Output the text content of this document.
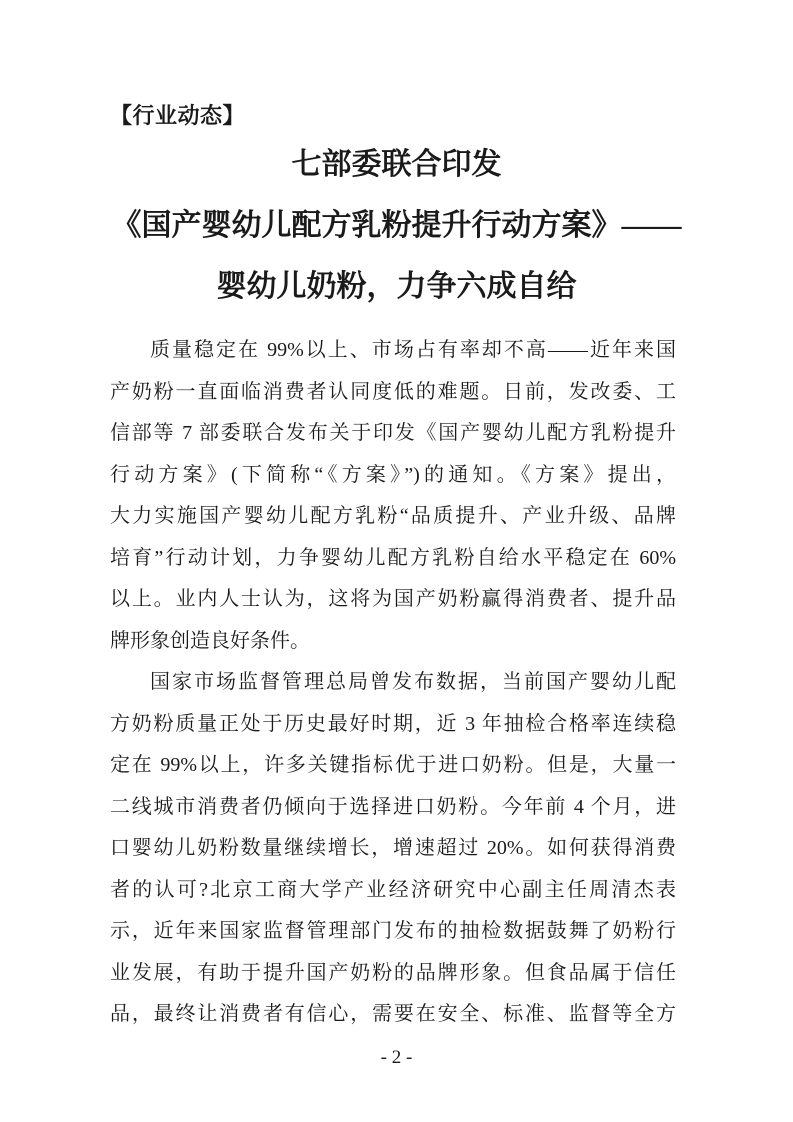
【行业动态】
七部委联合印发
《国产婴幼儿配方乳粉提升行动方案》——
婴幼儿奶粉，力争六成自给
质量稳定在 99%以上、市场占有率却不高——近年来国
产奶粉一直面临消费者认同度低的难题。日前，发改委、工
信部等 7 部委联合发布关于印发《国产婴幼儿配方乳粉提升
行动方案》(下简称“《方案》”)的通知。《方案》提出，
大力实施国产婴幼儿配方乳粉“品质提升、产业升级、品牌
培育”行动计划，力争婴幼儿配方乳粉自给水平稳定在 60%
以上。业内人士认为，这将为国产奶粉赢得消费者、提升品
牌形象创造良好条件。
国家市场监督管理总局曾发布数据，当前国产婴幼儿配
方奶粉质量正处于历史最好时期，近 3 年抽检合格率连续稳
定在 99%以上，许多关键指标优于进口奶粉。但是，大量一
二线城市消费者仍倾向于选择进口奶粉。今年前 4 个月，进
口婴幼儿奶粉数量继续增长，增速超过 20%。如何获得消费
者的认可?北京工商大学产业经济研究中心副主任周清杰表
示，近年来国家监督管理部门发布的抽检数据鼓舞了奶粉行
业发展，有助于提升国产奶粉的品牌形象。但食品属于信任
品，最终让消费者有信心，需要在安全、标准、监督等全方
- 2 -
